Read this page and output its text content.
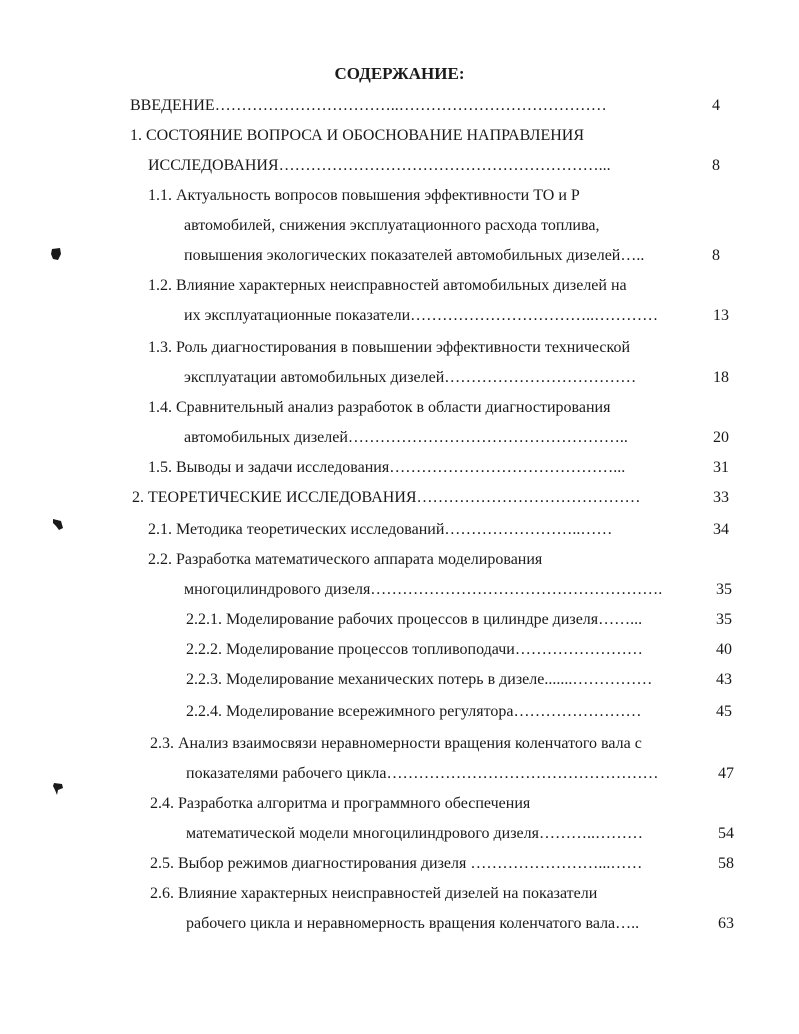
СОДЕРЖАНИЕ:
ВВЕДЕНИЕ……………………………..…………………………………	4
1. СОСТОЯНИЕ ВОПРОСА И ОБОСНОВАНИЕ НАПРАВЛЕНИЯ
ИССЛЕДОВАНИЯ……………………………………………………...	8
1.1. Актуальность вопросов повышения эффективности ТО и Р
автомобилей, снижения эксплуатационного расхода топлива,
повышения экологических показателей автомобильных дизелей…..	8
1.2. Влияние характерных неисправностей автомобильных дизелей на
их эксплуатационные показатели……………………………..…………	13
1.3. Роль диагностирования в повышении эффективности технической
эксплуатации автомобильных дизелей………………………………	18
1.4. Сравнительный анализ разработок в области диагностирования
автомобильных дизелей……………………………………………..	20
1.5. Выводы и задачи исследования……………………………………...	31
2. ТЕОРЕТИЧЕСКИЕ ИССЛЕДОВАНИЯ……………………………………	33
2.1. Методика теоретических исследований……………………..……	34
2.2. Разработка математического аппарата моделирования
многоцилиндрового дизеля……………………………………………….	35
2.2.1. Моделирование рабочих процессов в цилиндре дизеля……...	35
2.2.2. Моделирование процессов топливоподачи……………………	40
2.2.3. Моделирование механических потерь в дизеле.......……………	43
2.2.4. Моделирование всережимного регулятора……………………	45
2.3. Анализ взаимосвязи неравномерности вращения коленчатого вала с
показателями рабочего цикла……………………………………………	47
2.4. Разработка алгоритма и программного обеспечения
математической модели многоцилиндрового дизеля………..………	54
2.5. Выбор режимов диагностирования дизеля ……………………...……	58
2.6. Влияние характерных неисправностей дизелей на показатели
рабочего цикла и неравномерность вращения коленчатого вала…..	63
